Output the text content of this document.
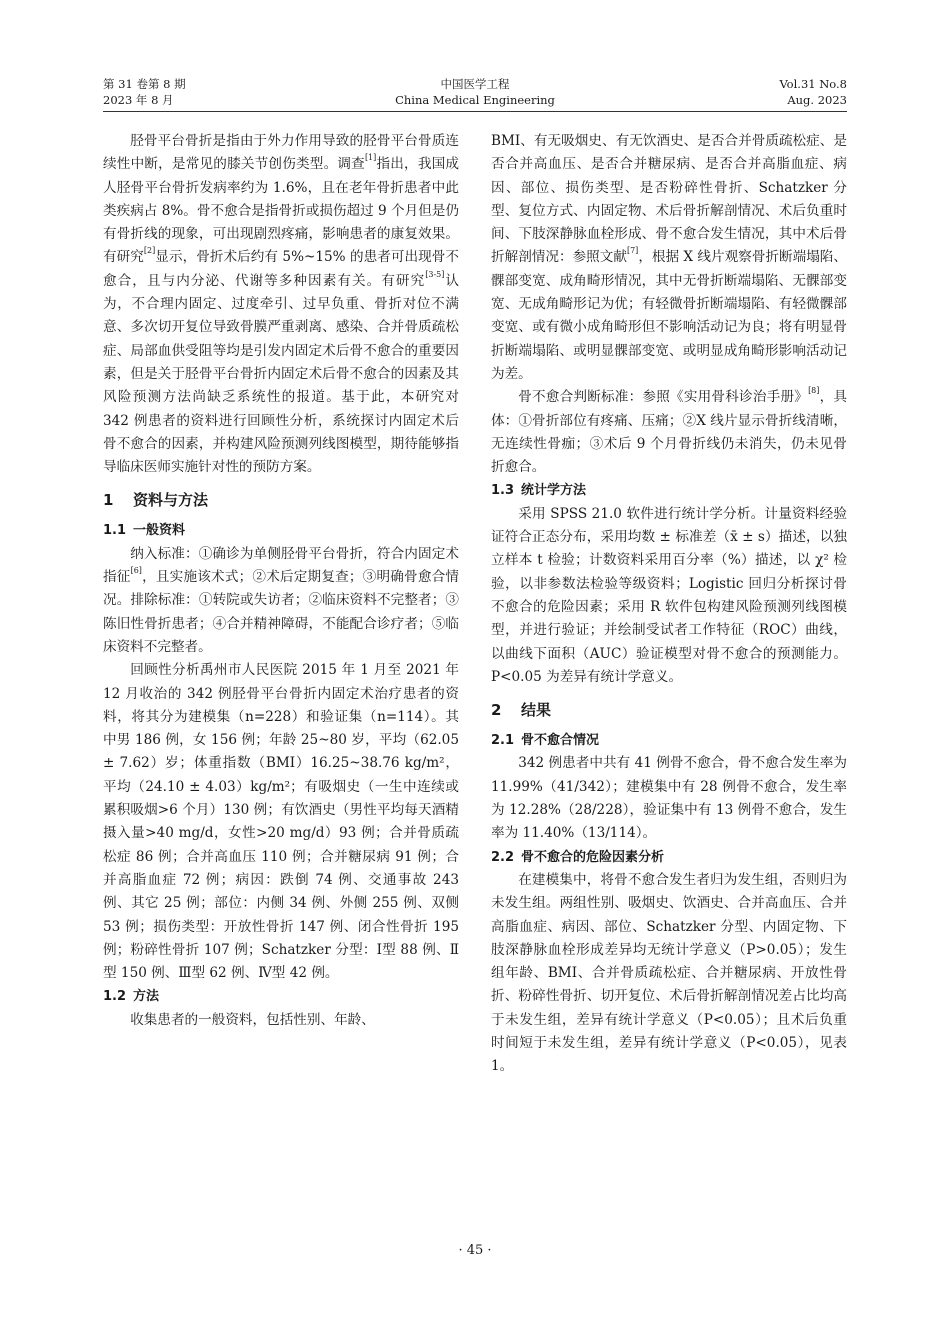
第 31 卷第 8 期
2023 年 8 月
中国医学工程
China Medical Engineering
Vol.31 No.8
Aug. 2023

胫骨平台骨折是指由于外力作用导致的胫骨平台骨质连续性中断，是常见的膝关节创伤类型。调查[1]指出，我国成人胫骨平台骨折发病率约为 1.6%，且在老年骨折患者中此类疾病占 8%。骨不愈合是指骨折或损伤超过 9 个月但是仍有骨折线的现象，可出现剧烈疼痛，影响患者的康复效果。有研究[2]显示，骨折术后约有 5%~15% 的患者可出现骨不愈合，且与内分泌、代谢等多种因素有关。有研究[3-5]认为，不合理内固定、过度牵引、过早负重、骨折对位不满意、多次切开复位导致骨膜严重剥离、感染、合并骨质疏松症、局部血供受阻等均是引发内固定术后骨不愈合的重要因素，但是关于胫骨平台骨折内固定术后骨不愈合的因素及其风险预测方法尚缺乏系统性的报道。基于此，本研究对 342 例患者的资料进行回顾性分析，系统探讨内固定术后骨不愈合的因素，并构建风险预测列线图模型，期待能够指导临床医师实施针对性的预防方案。

1 资料与方法
1.1 一般资料

纳入标准：①确诊为单侧胫骨平台骨折，符合内固定术指征[6]，且实施该术式；②术后定期复查；③明确骨愈合情况。排除标准：①转院或失访者；②临床资料不完整者；③陈旧性骨折患者；④合并精神障碍，不能配合诊疗者；⑤临床资料不完整者。

回顾性分析禹州市人民医院 2015 年 1 月至 2021 年 12 月收治的 342 例胫骨平台骨折内固定术治疗患者的资料，将其分为建模集（n=228）和验证集（n=114）。其中男 186 例，女 156 例；年龄 25~80 岁，平均（62.05 ± 7.62）岁；体重指数（BMI）16.25~38.76 kg/m²，平均（24.10 ± 4.03）kg/m²；有吸烟史（一生中连续或累积吸烟>6 个月）130 例；有饮酒史（男性平均每天酒精摄入量>40 mg/d，女性>20 mg/d）93 例；合并骨质疏松症 86 例；合并高血压 110 例；合并糖尿病 91 例；合并高脂血症 72 例；病因：跌倒 74 例、交通事故 243 例、其它 25 例；部位：内侧 34 例、外侧 255 例、双侧 53 例；损伤类型：开放性骨折 147 例、闭合性骨折 195 例；粉碎性骨折 107 例；Schatzker 分型：Ⅰ型 88 例、Ⅱ型 150 例、Ⅲ型 62 例、Ⅳ型 42 例。

1.2 方法

收集患者的一般资料，包括性别、年龄、

BMI、有无吸烟史、有无饮酒史、是否合并骨质疏松症、是否合并高血压、是否合并糖尿病、是否合并高脂血症、病因、部位、损伤类型、是否粉碎性骨折、Schatzker 分型、复位方式、内固定物、术后骨折解剖情况、术后负重时间、下肢深静脉血栓形成、骨不愈合发生情况，其中术后骨折解剖情况：参照文献[7]，根据 X 线片观察骨折断端塌陷、髁部变宽、成角畸形情况，其中无骨折断端塌陷、无髁部变宽、无成角畸形记为优；有轻微骨折断端塌陷、有轻微髁部变宽、或有微小成角畸形但不影响活动记为良；将有明显骨折断端塌陷、或明显髁部变宽、或明显成角畸形影响活动记为差。

骨不愈合判断标准：参照《实用骨科诊治手册》[8]，具体：①骨折部位有疼痛、压痛；②X 线片显示骨折线清晰，无连续性骨痂；③术后 9 个月骨折线仍未消失，仍未见骨折愈合。

1.3 统计学方法

采用 SPSS 21.0 软件进行统计学分析。计量资料经验证符合正态分布，采用均数 ± 标准差（x̄ ± s）描述，以独立样本 t 检验；计数资料采用百分率（%）描述，以 χ² 检验，以非参数法检验等级资料；Logistic 回归分析探讨骨不愈合的危险因素；采用 R 软件包构建风险预测列线图模型，并进行验证；并绘制受试者工作特征（ROC）曲线，以曲线下面积（AUC）验证模型对骨不愈合的预测能力。P<0.05 为差异有统计学意义。

2 结果
2.1 骨不愈合情况

342 例患者中共有 41 例骨不愈合，骨不愈合发生率为 11.99%（41/342）；建模集中有 28 例骨不愈合，发生率为 12.28%（28/228），验证集中有 13 例骨不愈合，发生率为 11.40%（13/114）。

2.2 骨不愈合的危险因素分析

在建模集中，将骨不愈合发生者归为发生组，否则归为未发生组。两组性别、吸烟史、饮酒史、合并高血压、合并高脂血症、病因、部位、Schatzker 分型、内固定物、下肢深静脉血栓形成差异均无统计学意义（P>0.05）；发生组年龄、BMI、合并骨质疏松症、合并糖尿病、开放性骨折、粉碎性骨折、切开复位、术后骨折解剖情况差占比均高于未发生组，差异有统计学意义（P<0.05）；且术后负重时间短于未发生组，差异有统计学意义（P<0.05），见表 1。

· 45 ·
